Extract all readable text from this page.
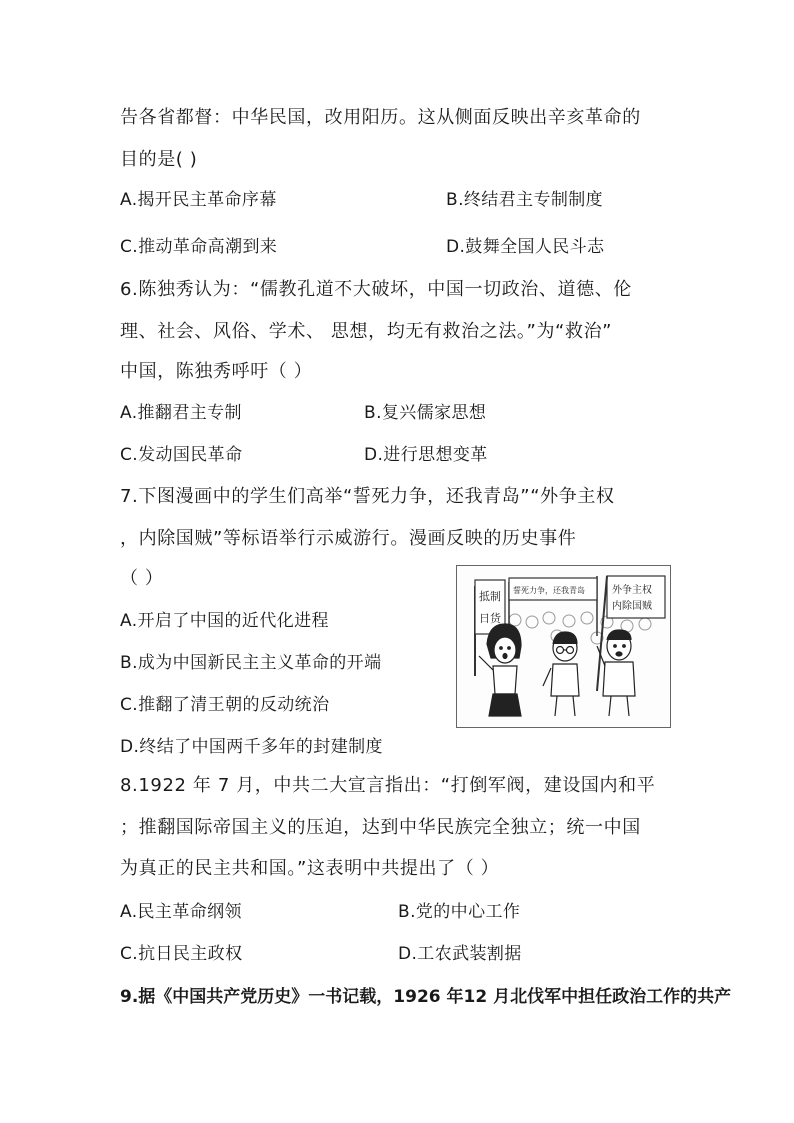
告各省都督：中华民国，改用阳历。这从侧面反映出辛亥革命的
目的是( )
A.揭开民主革命序幕	B.终结君主专制制度
C.推动革命高潮到来	D.鼓舞全国人民斗志
6.陈独秀认为：“儒教孔道不大破坏，中国一切政治、道德、伦
理、社会、风俗、学术、 思想，均无有救治之法。”为“救治”
中国，陈独秀呼吁（ ）
A.推翻君主专制	B.复兴儒家思想
C.发动国民革命	D.进行思想变革
7.下图漫画中的学生们高举“誓死力争，还我青岛”“外争主权
，内除国贼”等标语举行示威游行。漫画反映的历史事件
（ ）
A.开启了中国的近代化进程
B.成为中国新民主主义革命的开端
C.推翻了清王朝的反动统治
D.终结了中国两千多年的封建制度
抵制
日货
誓死力争，还我青岛	外争主权
内除国贼
8.1922 年 7 月，中共二大宣言指出：“打倒军阀，建设国内和平
；推翻国际帝国主义的压迫，达到中华民族完全独立；统一中国
为真正的民主共和国。”这表明中共提出了（ ）
A.民主革命纲领	B.党的中心工作
C.抗日民主政权	D.工农武装割据
9.据《中国共产党历史》一书记载，1926 年12 月北伐军中担任政治工作的共产
